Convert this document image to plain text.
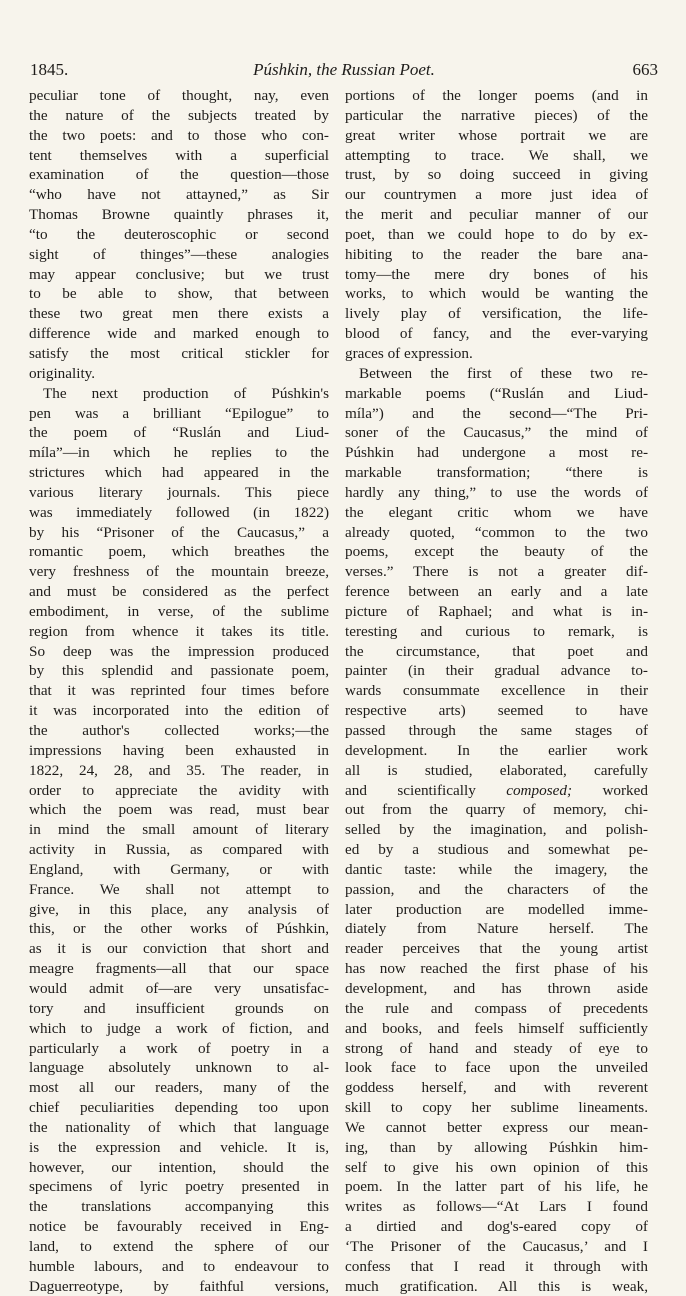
1845.	Púshkin, the Russian Poet.	663
peculiar tone of thought, nay, even
the nature of the subjects treated by
the two poets: and to those who con-
tent themselves with a superficial
examination of the question—those
“who have not attayned,” as Sir
Thomas Browne quaintly phrases it,
“to the deuteroscophic or second
sight of thinges”—these analogies
may appear conclusive; but we trust
to be able to show, that between
these two great men there exists a
difference wide and marked enough to
satisfy the most critical stickler for
originality.
The next production of Púshkin's
pen was a brilliant “Epilogue” to
the poem of “Ruslán and Liud-
míla”—in which he replies to the
strictures which had appeared in the
various literary journals. This piece
was immediately followed (in 1822)
by his “Prisoner of the Caucasus,” a
romantic poem, which breathes the
very freshness of the mountain breeze,
and must be considered as the perfect
embodiment, in verse, of the sublime
region from whence it takes its title.
So deep was the impression produced
by this splendid and passionate poem,
that it was reprinted four times before
it was incorporated into the edition of
the author's collected works;—the
impressions having been exhausted in
1822, 24, 28, and 35. The reader, in
order to appreciate the avidity with
which the poem was read, must bear
in mind the small amount of literary
activity in Russia, as compared with
England, with Germany, or with
France. We shall not attempt to
give, in this place, any analysis of
this, or the other works of Púshkin,
as it is our conviction that short and
meagre fragments—all that our space
would admit of—are very unsatisfac-
tory and insufficient grounds on
which to judge a work of fiction, and
particularly a work of poetry in a
language absolutely unknown to al-
most all our readers, many of the
chief peculiarities depending too upon
the nationality of which that language
is the expression and vehicle. It is,
however, our intention, should the
specimens of lyric poetry presented in
the translations accompanying this
notice be favourably received in Eng-
land, to extend the sphere of our
humble labours, and to endeavour to
Daguerreotype, by faithful versions,
portions of the longer poems (and in
particular the narrative pieces) of the
great writer whose portrait we are
attempting to trace. We shall, we
trust, by so doing succeed in giving
our countrymen a more just idea of
the merit and peculiar manner of our
poet, than we could hope to do by ex-
hibiting to the reader the bare ana-
tomy—the mere dry bones of his
works, to which would be wanting the
lively play of versification, the life-
blood of fancy, and the ever-varying
graces of expression.
Between the first of these two re-
markable poems (“Ruslán and Liud-
míla”) and the second—“The Pri-
soner of the Caucasus,” the mind of
Púshkin had undergone a most re-
markable transformation; “there is
hardly any thing,” to use the words of
the elegant critic whom we have
already quoted, “common to the two
poems, except the beauty of the
verses.” There is not a greater dif-
ference between an early and a late
picture of Raphael; and what is in-
teresting and curious to remark, is
the circumstance, that poet and
painter (in their gradual advance to-
wards consummate excellence in their
respective arts) seemed to have
passed through the same stages of
development. In the earlier work
all is studied, elaborated, carefully
and scientifically composed; worked
out from the quarry of memory, chi-
selled by the imagination, and polish-
ed by a studious and somewhat pe-
dantic taste: while the imagery, the
passion, and the characters of the
later production are modelled imme-
diately from Nature herself. The
reader perceives that the young artist
has now reached the first phase of his
development, and has thrown aside
the rule and compass of precedents
and books, and feels himself sufficiently
strong of hand and steady of eye to
look face to face upon the unveiled
goddess herself, and with reverent
skill to copy her sublime lineaments.
We cannot better express our mean-
ing, than by allowing Púshkin him-
self to give his own opinion of this
poem. In the latter part of his life, he
writes as follows—“At Lars I found
a dirtied and dog's-eared copy of
‘The Prisoner of the Caucasus,’ and I
confess that I read it through with
much gratification. All this is weak,
